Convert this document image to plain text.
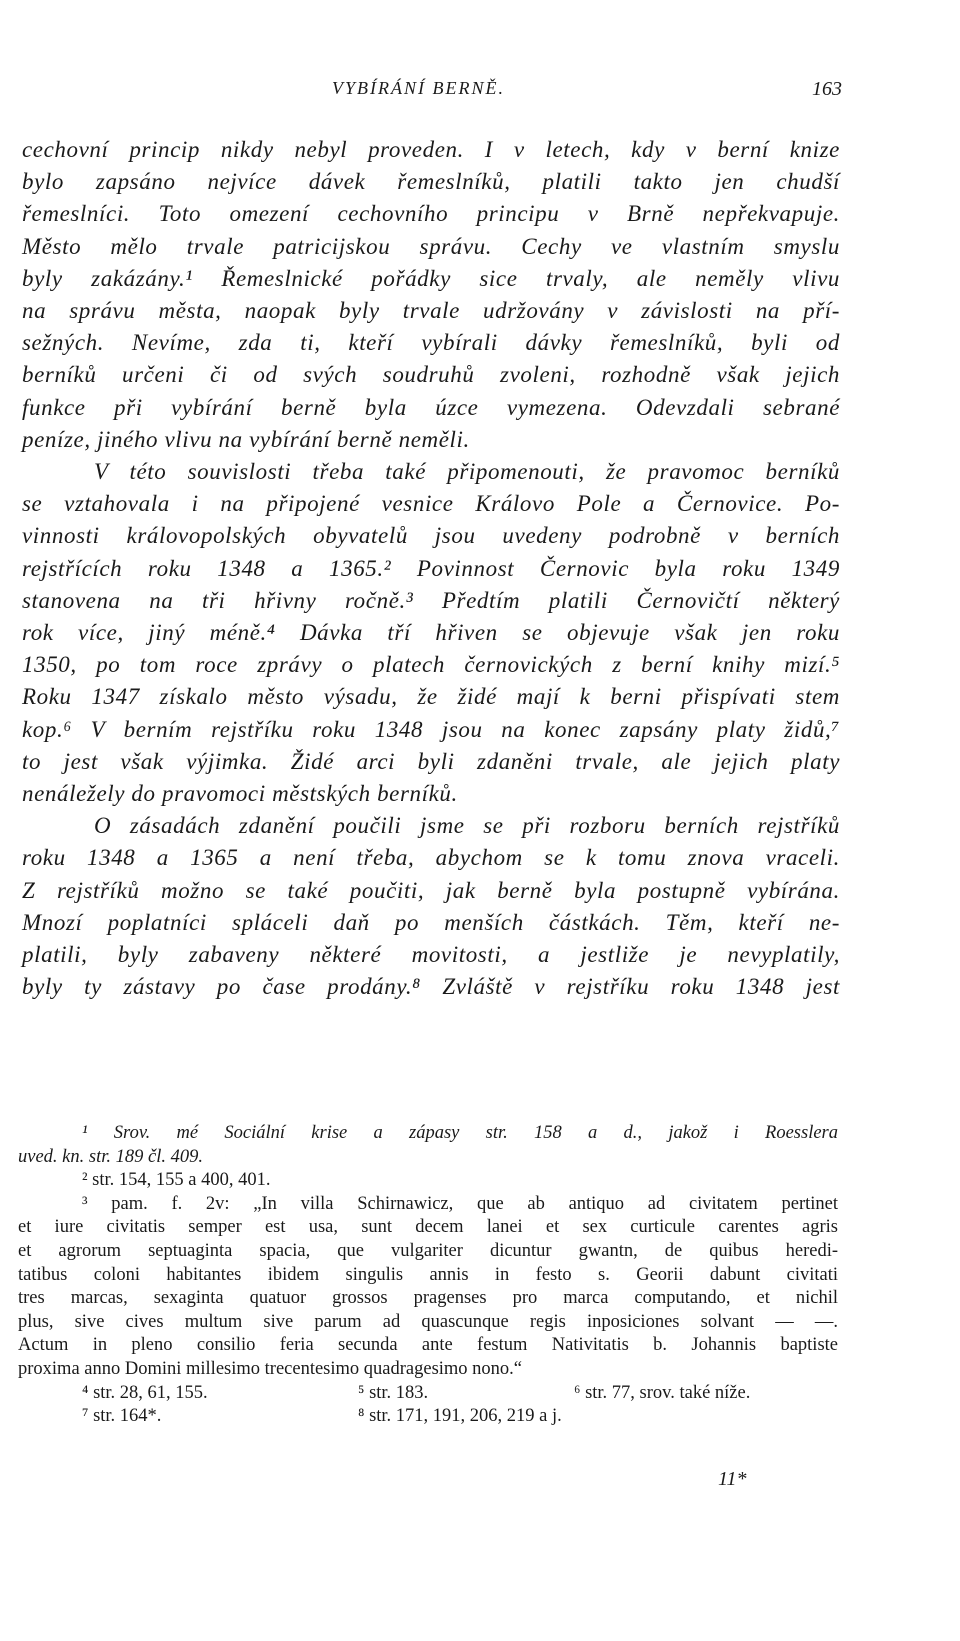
VYBÍRÁNÍ BERNĚ.	163
cechovní princip nikdy nebyl proveden. I v letech, kdy v berní knize
bylo zapsáno nejvíce dávek řemeslníků, platili takto jen chudší
řemeslníci. Toto omezení cechovního principu v Brně nepřekvapuje.
Město mělo trvale patricijskou správu. Cechy ve vlastním smyslu
byly zakázány.¹ Řemeslnické pořádky sice trvaly, ale neměly vlivu
na správu města, naopak byly trvale udržovány v závislosti na pří-
sežných. Nevíme, zda ti, kteří vybírali dávky řemeslníků, byli od
berníků určeni či od svých soudruhů zvoleni, rozhodně však jejich
funkce při vybírání berně byla úzce vymezena. Odevzdali sebrané
peníze, jiného vlivu na vybírání berně neměli.
V této souvislosti třeba také připomenouti, že pravomoc berníků
se vztahovala i na připojené vesnice Královo Pole a Černovice. Po-
vinnosti královopolských obyvatelů jsou uvedeny podrobně v berních
rejstřících roku 1348 a 1365.² Povinnost Černovic byla roku 1349
stanovena na tři hřivny ročně.³ Předtím platili Černovičtí některý
rok více, jiný méně.⁴ Dávka tří hřiven se objevuje však jen roku
1350, po tom roce zprávy o platech černovických z berní knihy mizí.⁵
Roku 1347 získalo město výsadu, že židé mají k berni přispívati stem
kop.⁶ V berním rejstříku roku 1348 jsou na konec zapsány platy židů,⁷
to jest však výjimka. Židé arci byli zdaněni trvale, ale jejich platy
nenáležely do pravomoci městských berníků.
O zásadách zdanění poučili jsme se při rozboru berních rejstříků
roku 1348 a 1365 a není třeba, abychom se k tomu znova vraceli.
Z rejstříků možno se také poučiti, jak berně byla postupně vybírána.
Mnozí poplatníci spláceli daň po menších částkách. Těm, kteří ne-
platili, byly zabaveny některé movitosti, a jestliže je nevyplatily,
byly ty zástavy po čase prodány.⁸ Zvláště v rejstříku roku 1348 jest
¹ Srov. mé Sociální krise a zápasy str. 158 a d., jakož i Roesslera
uved. kn. str. 189 čl. 409.
² str. 154, 155 a 400, 401.
³ pam. f. 2v: „In villa Schirnawicz, que ab antiquo ad civitatem pertinet
et iure civitatis semper est usa, sunt decem lanei et sex curticule carentes agris
et agrorum septuaginta spacia, que vulgariter dicuntur gwantn, de quibus heredi-
tatibus coloni habitantes ibidem singulis annis in festo s. Georii dabunt civitati
tres marcas, sexaginta quatuor grossos pragenses pro marca computando, et nichil
plus, sive cives multum sive parum ad quascunque regis inposiciones solvant — —.
Actum in pleno consilio feria secunda ante festum Nativitatis b. Johannis baptiste
proxima anno Domini millesimo trecentesimo quadragesimo nono.“
⁴ str. 28, 61, 155.	⁵ str. 183.	⁶ str. 77, srov. také níže.
⁷ str. 164*.	⁸ str. 171, 191, 206, 219 a j.
11*
